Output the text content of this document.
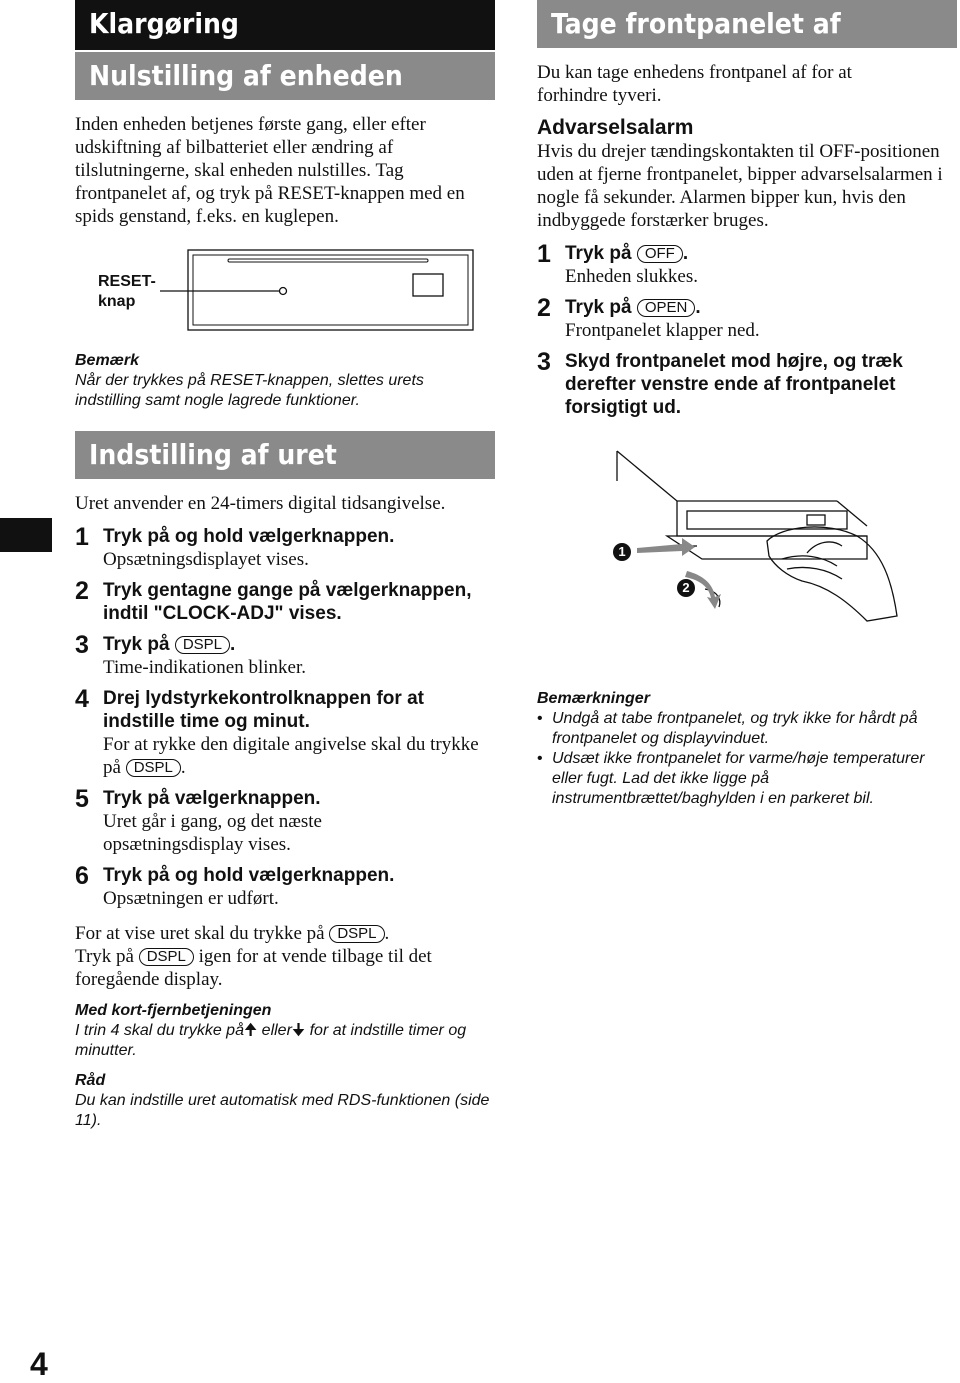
Klargøring
Nulstilling af enheden

Inden enheden betjenes første gang, eller efter udskiftning af bilbatteriet eller ændring af tilslutningerne, skal enheden nulstilles. Tag frontpanelet af, og tryk på RESET-knappen med en spids genstand, f.eks. en kuglepen.

RESET-
knap

Bemærk

Når der trykkes på RESET-knappen, slettes urets indstilling samt nogle lagrede funktioner.

Indstilling af uret

Uret anvender en 24-timers digital tidsangivelse.

1 Tryk på og hold vælgerknappen.

Opsætningsdisplayet vises.

2 Tryk gentagne gange på vælgerknappen, indtil "CLOCK-ADJ" vises.

3 Tryk på DSPL .

Time-indikationen blinker.

4 Drej lydstyrkekontrolknappen for at indstille time og minut.

For at rykke den digitale angivelse skal du trykke på DSPL .

5 Tryk på vælgerknappen.

Uret går i gang, og det næste opsætningsdisplay vises.

6 Tryk på og hold vælgerknappen.

Opsætningen er udført.

For at vise uret skal du trykke på DSPL .
Tryk på DSPL igen for at vende tilbage til det foregående display.

Med kort-fjernbetjeningen

I trin 4 skal du trykke på🠉 eller🠋 for at indstille timer og minutter.

Råd

Du kan indstille uret automatisk med RDS-funktionen (side 11).

Tage frontpanelet af

Du kan tage enhedens frontpanel af for at forhindre tyveri.

Advarselsalarm

Hvis du drejer tændingskontakten til OFF-positionen uden at fjerne frontpanelet, bipper advarselsalarmen i nogle få sekunder. Alarmen bipper kun, hvis den indbyggede forstærker bruges.

1 Tryk på OFF .

Enheden slukkes.

2 Tryk på OPEN .

Frontpanelet klapper ned.

3 Skyd frontpanelet mod højre, og træk derefter venstre ende af frontpanelet forsigtigt ud.

1
2

Bemærkninger

• Undgå at tabe frontpanelet, og tryk ikke for hårdt på frontpanelet og displayvinduet.
• Udsæt ikke frontpanelet for varme/høje temperaturer eller fugt. Lad det ikke ligge på instrumentbrættet/baghylden i en parkeret bil.
4
